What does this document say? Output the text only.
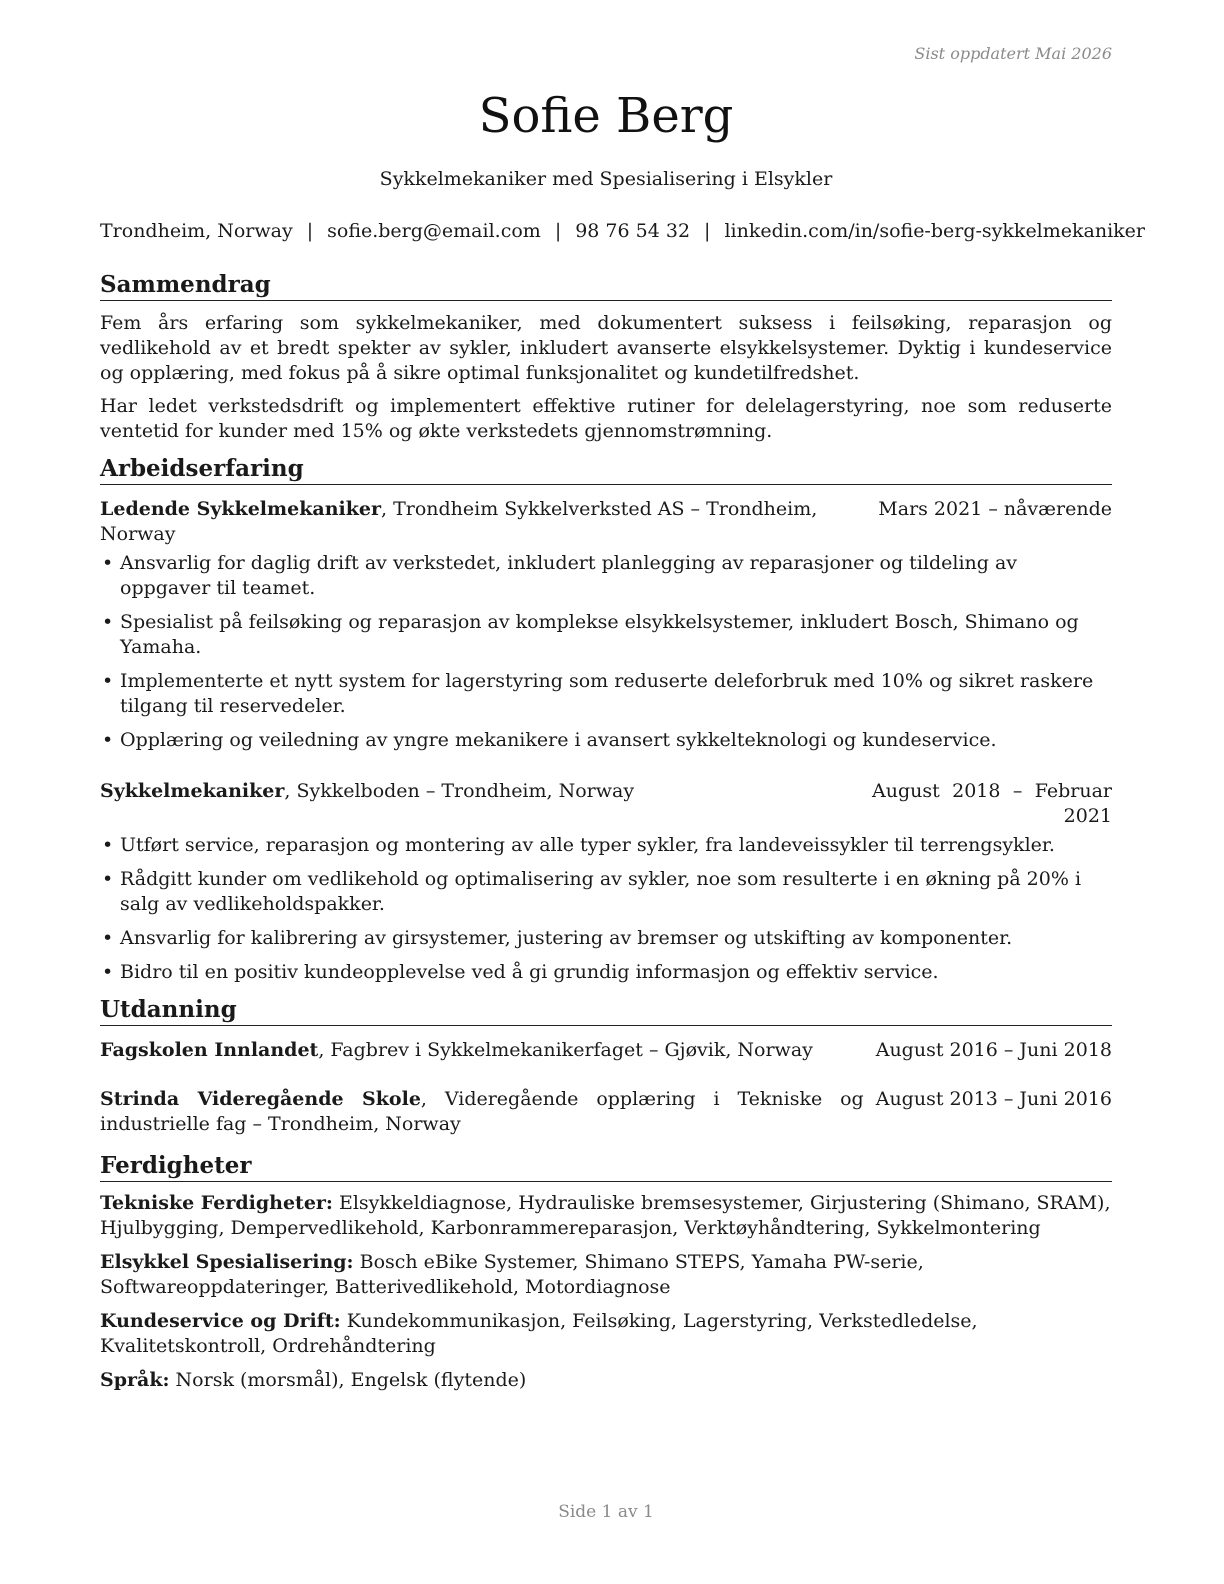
Sist oppdatert Mai 2026
Sofie Berg
Sykkelmekaniker med Spesialisering i Elsykler
Trondheim, Norway | sofie.berg@email.com | 98 76 54 32 | linkedin.com/in/sofie-berg-sykkelmekaniker
Sammendrag

Fem års erfaring som sykkelmekaniker, med dokumentert suksess i feilsøking, reparasjon og vedlikehold av et bredt spekter av sykler, inkludert avanserte elsykkelsystemer. Dyktig i kundeservice og opplæring, med fokus på å sikre optimal funksjonalitet og kundetilfredshet.

Har ledet verkstedsdrift og implementert effektive rutiner for delelagerstyring, noe som reduserte ventetid for kunder med 15% og økte verkstedets gjennomstrømning.

Arbeidserfaring
Ledende Sykkelmekaniker, Trondheim Sykkelverksted AS – Trondheim, Norway
Mars 2021 – nåværende
• Ansvarlig for daglig drift av verkstedet, inkludert planlegging av reparasjoner og tildeling av oppgaver til teamet.
• Spesialist på feilsøking og reparasjon av komplekse elsykkelsystemer, inkludert Bosch, Shimano og Yamaha.
• Implementerte et nytt system for lagerstyring som reduserte deleforbruk med 10% og sikret raskere tilgang til reservedeler.
• Opplæring og veiledning av yngre mekanikere i avansert sykkelteknologi og kundeservice.
Sykkelmekaniker, Sykkelboden – Trondheim, Norway	August 2018 – Februar 2021
• Utført service, reparasjon og montering av alle typer sykler, fra landeveissykler til terrengsykler.
• Rådgitt kunder om vedlikehold og optimalisering av sykler, noe som resulterte i en økning på 20% i salg av vedlikeholdspakker.
• Ansvarlig for kalibrering av girsystemer, justering av bremser og utskifting av komponenter.
• Bidro til en positiv kundeopplevelse ved å gi grundig informasjon og effektiv service.
Utdanning
Fagskolen Innlandet, Fagbrev i Sykkelmekanikerfaget – Gjøvik, Norway	August 2016 – Juni 2018
Strinda Videregående Skole, Videregående opplæring i Tekniske og industrielle fag – Trondheim, Norway
August 2013 – Juni 2016
Ferdigheter
Tekniske Ferdigheter: Elsykkeldiagnose, Hydrauliske bremsesystemer, Girjustering (Shimano, SRAM), Hjulbygging, Dempervedlikehold, Karbonrammereparasjon, Verktøyhåndtering, Sykkelmontering
Elsykkel Spesialisering: Bosch eBike Systemer, Shimano STEPS, Yamaha PW-serie, Softwareoppdateringer, Batterivedlikehold, Motordiagnose
Kundeservice og Drift: Kundekommunikasjon, Feilsøking, Lagerstyring, Verkstedledelse, Kvalitetskontroll, Ordrehåndtering
Språk: Norsk (morsmål), Engelsk (flytende)
Side 1 av 1
